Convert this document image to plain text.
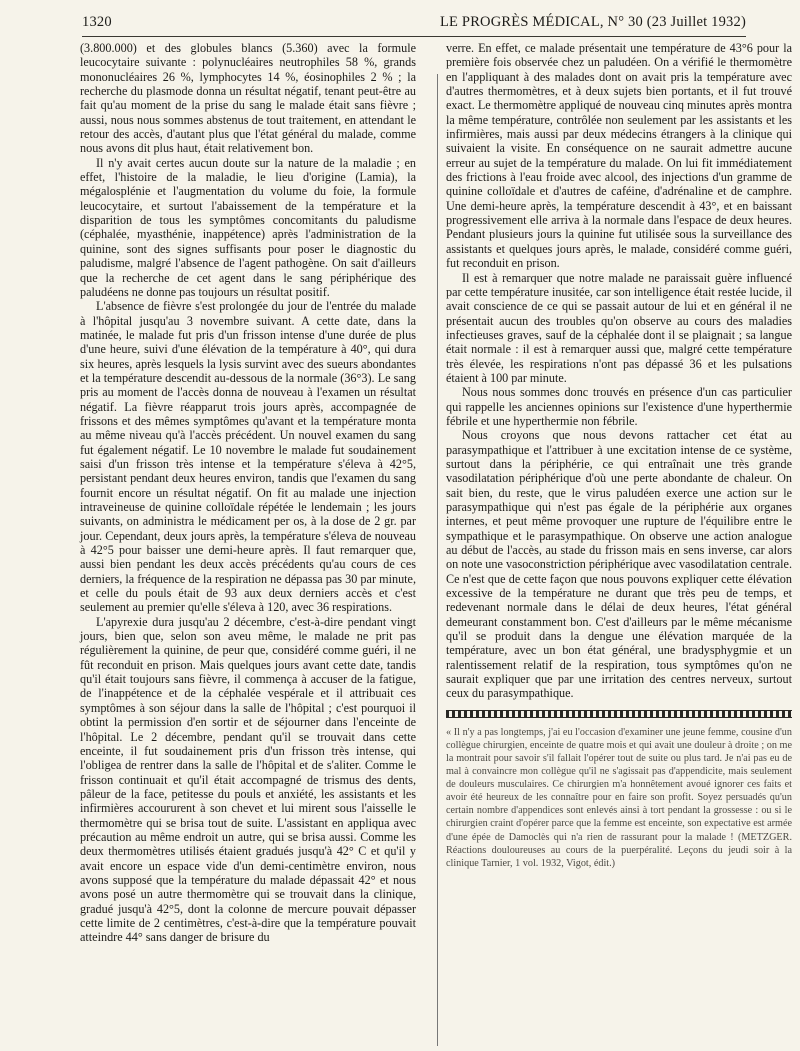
1320	LE PROGRÈS MÉDICAL, N° 30 (23 Juillet 1932)

(3.800.000) et des globules blancs (5.360) avec la formule leucocytaire suivante : polynucléaires neutrophiles 58 %, grands mononucléaires 26 %, lymphocytes 14 %, éosinophiles 2 % ; la recherche du plasmode donna un résultat négatif, tenant peut-être au fait qu'au moment de la prise du sang le malade était sans fièvre ; aussi, nous nous sommes abstenus de tout traitement, en attendant le retour des accès, d'autant plus que l'état général du malade, comme nous avons dit plus haut, était relativement bon.

Il n'y avait certes aucun doute sur la nature de la maladie ; en effet, l'histoire de la maladie, le lieu d'origine (Lamia), la mégalosplénie et l'augmentation du volume du foie, la formule leucocytaire, et surtout l'abaissement de la température et la disparition de tous les symptômes concomitants du paludisme (céphalée, myasthénie, inappétence) après l'administration de la quinine, sont des signes suffisants pour poser le diagnostic du paludisme, malgré l'absence de l'agent pathogène. On sait d'ailleurs que la recherche de cet agent dans le sang périphérique des paludéens ne donne pas toujours un résultat positif.

L'absence de fièvre s'est prolongée du jour de l'entrée du malade à l'hôpital jusqu'au 3 novembre suivant. A cette date, dans la matinée, le malade fut pris d'un frisson intense d'une durée de plus d'une heure, suivi d'une élévation de la température à 40°, qui dura six heures, après lesquels la lysis survint avec des sueurs abondantes et la température descendit au-dessous de la normale (36°3). Le sang pris au moment de l'accès donna de nouveau à l'examen un résultat négatif. La fièvre réapparut trois jours après, accompagnée de frissons et des mêmes symptômes qu'avant et la température monta au même niveau qu'à l'accès précédent. Un nouvel examen du sang fut également négatif. Le 10 novembre le malade fut soudainement saisi d'un frisson très intense et la température s'éleva à 42°5, persistant pendant deux heures environ, tandis que l'examen du sang fournit encore un résultat négatif. On fit au malade une injection intraveineuse de quinine colloïdale répétée le lendemain ; les jours suivants, on administra le médicament per os, à la dose de 2 gr. par jour. Cependant, deux jours après, la température s'éleva de nouveau à 42°5 pour baisser une demi-heure après. Il faut remarquer que, aussi bien pendant les deux accès précédents qu'au cours de ces derniers, la fréquence de la respiration ne dépassa pas 30 par minute, et celle du pouls était de 93 aux deux derniers accès et c'est seulement au premier qu'elle s'éleva à 120, avec 36 respirations.

L'apyrexie dura jusqu'au 2 décembre, c'est-à-dire pendant vingt jours, bien que, selon son aveu même, le malade ne prit pas régulièrement la quinine, de peur que, considéré comme guéri, il ne fût reconduit en prison. Mais quelques jours avant cette date, tandis qu'il était toujours sans fièvre, il commença à accuser de la fatigue, de l'inappétence et de la céphalée vespérale et il attribuait ces symptômes à son séjour dans la salle de l'hôpital ; c'est pourquoi il obtint la permission d'en sortir et de séjourner dans l'enceinte de l'hôpital. Le 2 décembre, pendant qu'il se trouvait dans cette enceinte, il fut soudainement pris d'un frisson très intense, qui l'obligea de rentrer dans la salle de l'hôpital et de s'aliter. Comme le frisson continuait et qu'il était accompagné de trismus des dents, pâleur de la face, petitesse du pouls et anxiété, les assistants et les infirmières accoururent à son chevet et lui mirent sous l'aisselle le thermomètre qui se brisa tout de suite. L'assistant en appliqua avec précaution au même endroit un autre, qui se brisa aussi. Comme les deux thermomètres utilisés étaient gradués jusqu'à 42° C et qu'il y avait encore un espace vide d'un demi-centimètre environ, nous avons supposé que la température du malade dépassait 42° et nous avons posé un autre thermomètre qui se trouvait dans la clinique, gradué jusqu'à 42°5, dont la colonne de mercure pouvait dépasser cette limite de 2 centimètres, c'est-à-dire que la température pouvait atteindre 44° sans danger de brisure du

verre. En effet, ce malade présentait une température de 43°6 pour la première fois observée chez un paludéen. On a vérifié le thermomètre en l'appliquant à des malades dont on avait pris la température avec d'autres thermomètres, et à deux sujets bien portants, et il fut trouvé exact. Le thermomètre appliqué de nouveau cinq minutes après montra la même température, contrôlée non seulement par les assistants et les infirmières, mais aussi par deux médecins étrangers à la clinique qui suivaient la visite. En conséquence on ne saurait admettre aucune erreur au sujet de la température du malade. On lui fit immédiatement des frictions à l'eau froide avec alcool, des injections d'un gramme de quinine colloïdale et d'autres de caféine, d'adrénaline et de camphre. Une demi-heure après, la température descendit à 43°, et en baissant progressivement elle arriva à la normale dans l'espace de deux heures. Pendant plusieurs jours la quinine fut utilisée sous la surveillance des assistants et quelques jours après, le malade, considéré comme guéri, fut reconduit en prison.

Il est à remarquer que notre malade ne paraissait guère influencé par cette température inusitée, car son intelligence était restée lucide, il avait conscience de ce qui se passait autour de lui et en général il ne présentait aucun des troubles qu'on observe au cours des maladies infectieuses graves, sauf de la céphalée dont il se plaignait ; sa langue était normale : il est à remarquer aussi que, malgré cette température très élevée, les respirations n'ont pas dépassé 36 et les pulsations étaient à 100 par minute.

Nous nous sommes donc trouvés en présence d'un cas particulier qui rappelle les anciennes opinions sur l'existence d'une hyperthermie fébrile et une hyperthermie non fébrile.

Nous croyons que nous devons rattacher cet état au parasympathique et l'attribuer à une excitation intense de ce système, surtout dans la périphérie, ce qui entraînait une très grande vasodilatation périphérique d'où une perte abondante de chaleur. On sait bien, du reste, que le virus paludéen exerce une action sur le parasympathique qui n'est pas égale de la périphérie aux organes internes, et peut même provoquer une rupture de l'équilibre entre le sympathique et le parasympathique. On observe une action analogue au début de l'accès, au stade du frisson mais en sens inverse, car alors on note une vasoconstriction périphérique avec vasodilatation centrale. Ce n'est que de cette façon que nous pouvons expliquer cette élévation excessive de la température ne durant que très peu de temps, et redevenant normale dans le délai de deux heures, l'état général demeurant constamment bon. C'est d'ailleurs par le même mécanisme qu'il se produit dans la dengue une élévation marquée de la température, avec un bon état général, une bradysphygmie et un ralentissement relatif de la respiration, tous symptômes qu'on ne saurait expliquer que par une irritation des centres nerveux, surtout ceux du parasympathique.

« Il n'y a pas longtemps, j'ai eu l'occasion d'examiner une jeune femme, cousine d'un collègue chirurgien, enceinte de quatre mois et qui avait une douleur à droite ; on me la montrait pour savoir s'il fallait l'opérer tout de suite ou plus tard. Je n'ai pas eu de mal à convaincre mon collègue qu'il ne s'agissait pas d'appendicite, mais seulement de douleurs musculaires. Ce chirurgien m'a honnêtement avoué ignorer ces faits et avoir été heureux de les connaître pour en faire son profit. Soyez persuadés qu'un certain nombre d'appendices sont enlevés ainsi à tort pendant la grossesse : ou si le chirurgien craint d'opérer parce que la femme est enceinte, son expectative est armée d'une épée de Damoclès qui n'a rien de rassurant pour la malade ! (METZGER. Réactions douloureuses au cours de la puerpéralité. Leçons du jeudi soir à la clinique Tarnier, 1 vol. 1932, Vigot, édit.)
